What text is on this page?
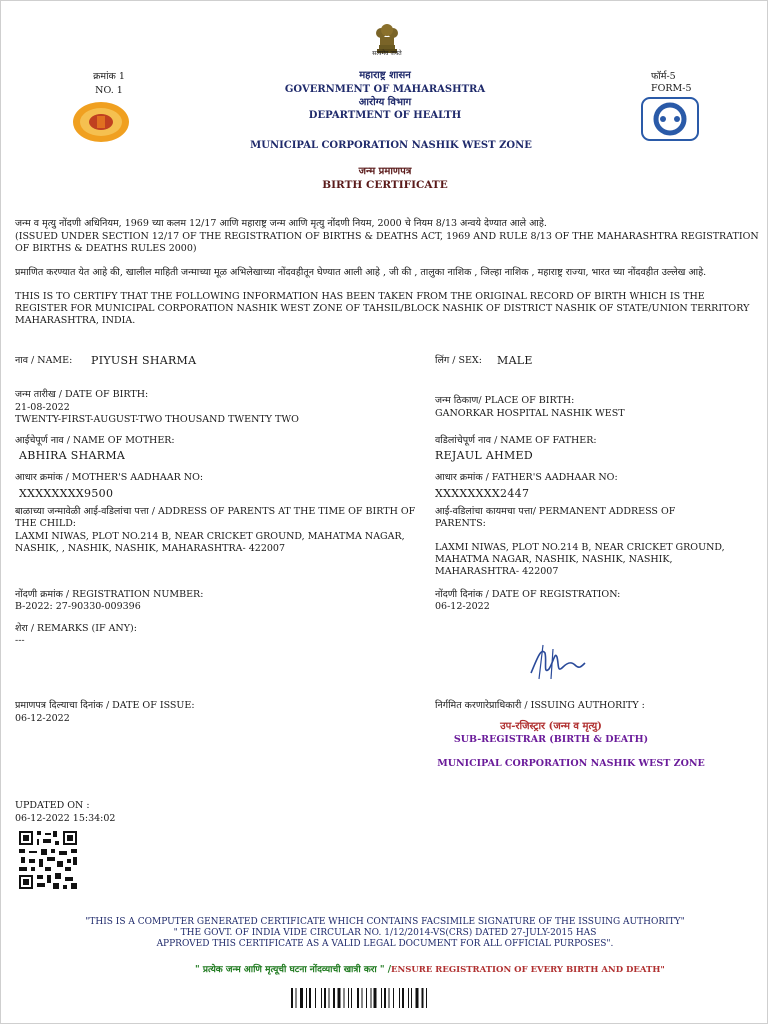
सत्यमेव जयते
क्रमांक 1
NO. 1
महाराष्ट्र शासन
GOVERNMENT OF MAHARASHTRA
आरोग्य विभाग
DEPARTMENT OF HEALTH
फॉर्म-5
FORM-5
MUNICIPAL CORPORATION NASHIK WEST ZONE
जन्म प्रमाणपत्र
BIRTH CERTIFICATE
जन्म व मृत्यु नोंदणी अधिनियम, 1969 च्या कलम 12/17 आणि महाराष्ट्र जन्म आणि मृत्यु नोंदणी नियम, 2000 चे नियम 8/13 अन्वये देण्यात आले आहे.
(ISSUED UNDER SECTION 12/17 OF THE REGISTRATION OF BIRTHS & DEATHS ACT, 1969 AND RULE 8/13 OF THE MAHARASHTRA REGISTRATION OF BIRTHS & DEATHS RULES 2000)
प्रमाणित करण्यात येत आहे की, खालील माहिती जन्माच्या मूळ अभिलेखाच्या नोंदवहीतून घेण्यात आली आहे , जी की , तालुका नाशिक , जिल्हा नाशिक , महाराष्ट्र राज्या, भारत च्या नोंदवहीत उल्लेख आहे.
THIS IS TO CERTIFY THAT THE FOLLOWING INFORMATION HAS BEEN TAKEN FROM THE ORIGINAL RECORD OF BIRTH WHICH IS THE REGISTER FOR MUNICIPAL CORPORATION NASHIK WEST ZONE OF TAHSIL/BLOCK NASHIK OF DISTRICT NASHIK OF STATE/UNION TERRITORY MAHARASHTRA, INDIA.
नाव / NAME:	PIYUSH SHARMA	लिंग / SEX:	MALE
जन्म तारीख / DATE OF BIRTH:
21-08-2022
TWENTY-FIRST-AUGUST-TWO THOUSAND TWENTY TWO
जन्म ठिकाण/ PLACE OF BIRTH:
GANORKAR HOSPITAL NASHIK WEST
आईचेपूर्ण नाव / NAME OF MOTHER:
ABHIRA SHARMA
वडिलांचेपूर्ण नाव / NAME OF FATHER:
REJAUL AHMED
आधार क्रमांक / MOTHER'S AADHAAR NO:
XXXXXXXX9500
आधार क्रमांक / FATHER'S AADHAAR NO:
XXXXXXXX2447
बाळाच्या जन्मावेळी आई-वडिलांचा पत्ता / ADDRESS OF PARENTS AT THE TIME OF BIRTH OF THE CHILD:
LAXMI NIWAS, PLOT NO.214 B, NEAR CRICKET GROUND, MAHATMA NAGAR, NASHIK, , NASHIK, NASHIK, MAHARASHTRA- 422007
आई-वडिलांचा कायमचा पत्ता/ PERMANENT ADDRESS OF PARENTS:
LAXMI NIWAS, PLOT NO.214 B, NEAR CRICKET GROUND, MAHATMA NAGAR, NASHIK, NASHIK, NASHIK, MAHARASHTRA- 422007
नोंदणी क्रमांक / REGISTRATION NUMBER:
B-2022: 27-90330-009396
नोंदणी दिनांक / DATE OF REGISTRATION:
06-12-2022
शेरा / REMARKS (IF ANY):
---
प्रमाणपत्र दिल्याचा दिनांक / DATE OF ISSUE:
06-12-2022
निर्गमित करणारेप्राधिकारी / ISSUING AUTHORITY :
उप-रजिस्ट्रार (जन्म व मृत्यु)
SUB-REGISTRAR (BIRTH & DEATH)
MUNICIPAL CORPORATION NASHIK WEST ZONE
UPDATED ON :
06-12-2022 15:34:02
"THIS IS A COMPUTER GENERATED CERTIFICATE WHICH CONTAINS FACSIMILE SIGNATURE OF THE ISSUING AUTHORITY"
" THE GOVT. OF INDIA VIDE CIRCULAR NO. 1/12/2014-VS(CRS) DATED 27-JULY-2015 HAS
APPROVED THIS CERTIFICATE AS A VALID LEGAL DOCUMENT FOR ALL OFFICIAL PURPOSES".
" प्रत्येक जन्म आणि मृत्यूची घटना नोंदव्याची खात्री करा " / ENSURE REGISTRATION OF EVERY BIRTH AND DEATH"
